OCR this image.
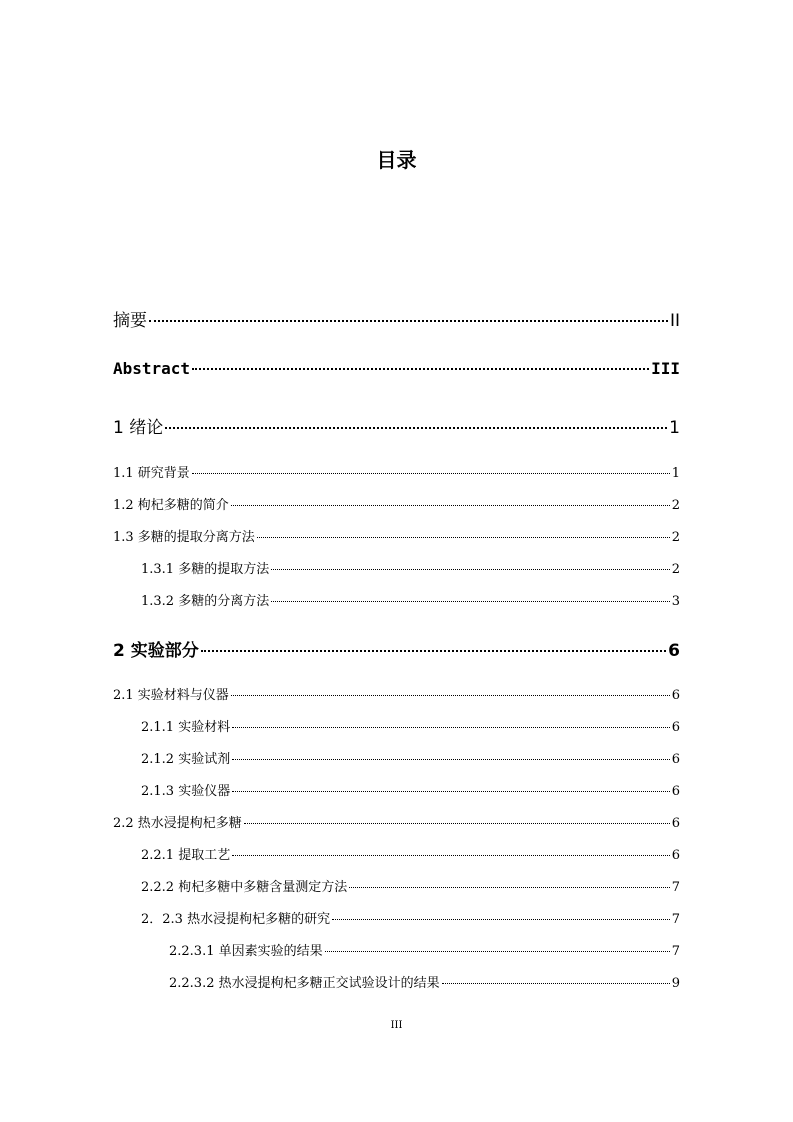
目录
摘要	II
Abstract	III
1 绪论	1
1.1 研究背景	1
1.2 枸杞多糖的简介	2
1.3 多糖的提取分离方法	2
1.3.1 多糖的提取方法	2
1.3.2 多糖的分离方法	3
2 实验部分	6
2.1 实验材料与仪器	6
2.1.1 实验材料	6
2.1.2 实验试剂	6
2.1.3 实验仪器	6
2.2 热水浸提枸杞多糖	6
2.2.1 提取工艺	6
2.2.2 枸杞多糖中多糖含量测定方法	7
2．2.3 热水浸提枸杞多糖的研究	7
2.2.3.1 单因素实验的结果	7
2.2.3.2 热水浸提枸杞多糖正交试验设计的结果	9
III
